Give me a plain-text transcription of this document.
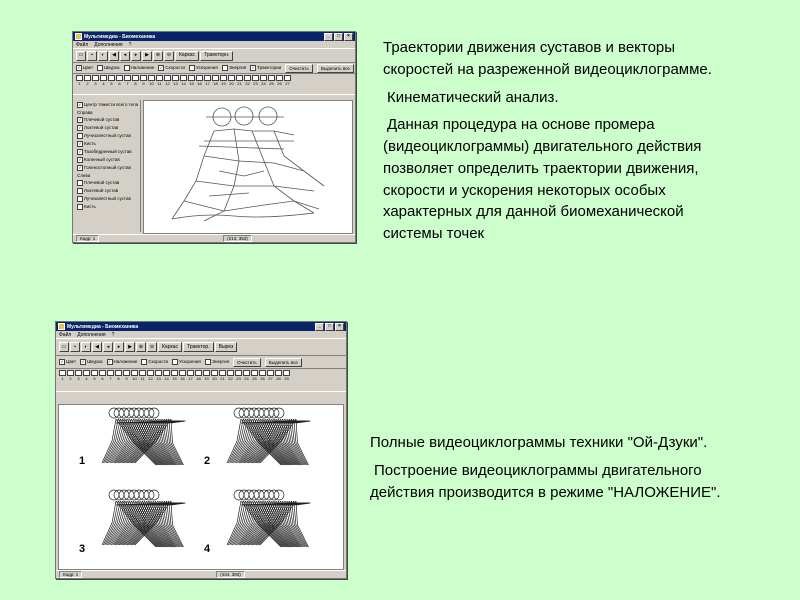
Мультимедиа - Биомеханика	_	□	×
Файл Дополнения ?
▭	▪	◐	◀	◂	▸	▶	⊕	⊖	Каркас	Траекторн.
✓ Цвет	Шкурка	Наложение	✓ Скорости	Ускорения	Энергия	✓ Траектории	Очистить	Выделить все
1	2	3	4	5	6	7	8	9	10 11 12 13 14 15 16 17 18 19 20 21 22 23 24 25 26 27
✓ Центр тяжести всего тела
Справа
✓ Плечевой сустав
✓ Локтевой сустав
Лучезапястный сустав
✓ Кисть
✓ Тазобедренный сустав
✓ Коленный сустав
✓ Голеностопный сустав
Слева
Плечевой сустав
Локтевой сустав
Лучезапястный сустав
Кисть
Кадр: 1	(213, 353)
Мультимедиа - Биомеханика	_	□	×
Файл Дополнения ?
▭	▪	◐	◀	◂	▸	▶	⊕	⊖	Каркас	Траектор.	Вырез
✓ Цвет	✓ Шкурка	✓ Наложение	Скорости	Ускорения	Энергия	Очистить	Выделить все
1	2	3	4	5	6	7	8	9	10 11 12 13 14 15 16 17 18 19 20 21 22 23 24 25 26 27 28 29
1	2
3	4
Кадр: 1	(434, 393)

Траектории движения суставов и векторы скоростей на разреженной видеоциклограмме.

Кинематический анализ.

Данная процедура на основе промера (видеоциклограммы) двигательного действия позволяет определить траектории движения, скорости и ускорения некоторых особых характерных для данной биомеханической системы точек

Полные видеоциклограммы техники "Ой-Дзуки".

Построение видеоциклограммы двигательного действия производится в режиме "НАЛОЖЕНИЕ".
